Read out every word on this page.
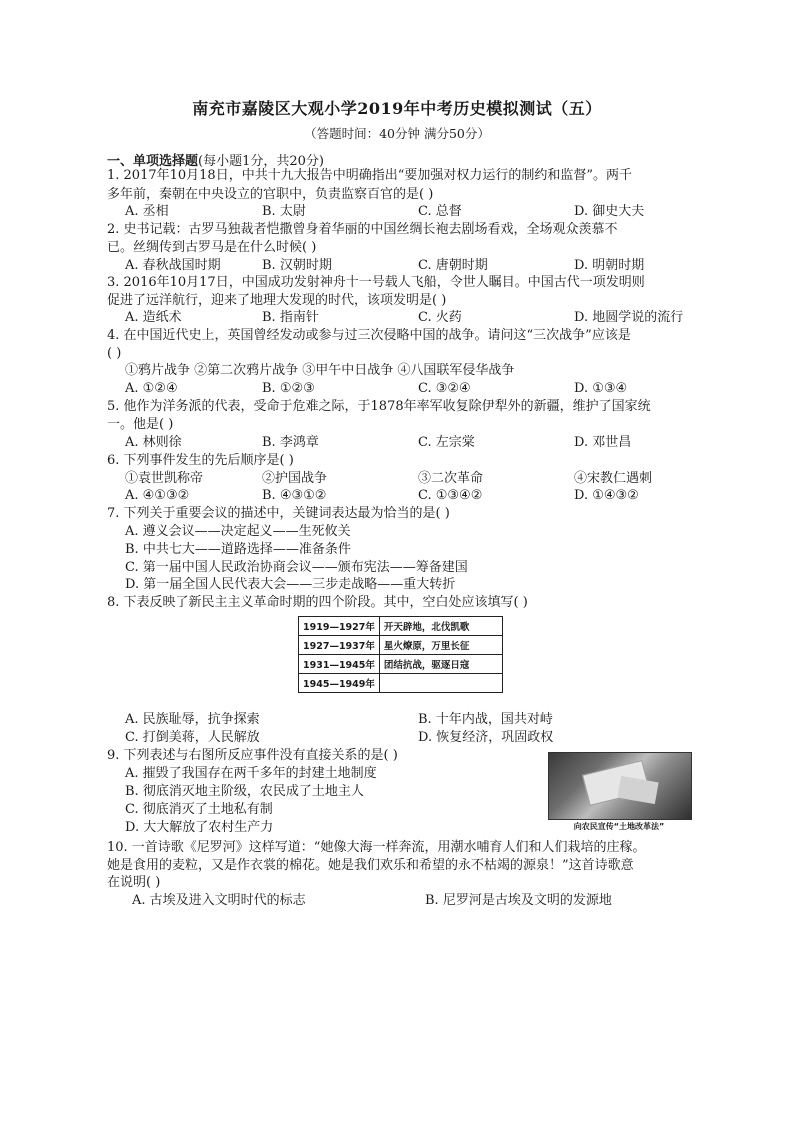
南充市嘉陵区大观小学2019年中考历史模拟测试（五）
（答题时间：40分钟 满分50分）
一、单项选择题(每小题1分，共20分)
1. 2017年10月18日，中共十九大报告中明确指出“要加强对权力运行的制约和监督”。两千
多年前，秦朝在中央设立的官职中，负责监察百官的是( )
A. 丞相	B. 太尉	C. 总督	D. 御史大夫
2. 史书记载：古罗马独裁者恺撒曾身着华丽的中国丝绸长袍去剧场看戏，全场观众羡慕不
已。丝绸传到古罗马是在什么时候( )
A. 春秋战国时期	B. 汉朝时期	C. 唐朝时期	D. 明朝时期
3. 2016年10月17日，中国成功发射神舟十一号载人飞船，令世人瞩目。中国古代一项发明则
促进了远洋航行，迎来了地理大发现的时代，该项发明是( )
A. 造纸术	B. 指南针	C. 火药	D. 地圆学说的流行
4. 在中国近代史上，英国曾经发动或参与过三次侵略中国的战争。请问这“三次战争”应该是
( )
①鸦片战争 ②第二次鸦片战争 ③甲午中日战争 ④八国联军侵华战争
A. ①②④	B. ①②③	C. ③②④	D. ①③④
5. 他作为洋务派的代表，受命于危难之际，于1878年率军收复除伊犁外的新疆，维护了国家统
一。他是( )
A. 林则徐	B. 李鸿章	C. 左宗棠	D. 邓世昌
6. 下列事件发生的先后顺序是( )
①袁世凯称帝	②护国战争	③二次革命	④宋教仁遇刺
A. ④①③②	B. ④③①②	C. ①③④②	D. ①④③②
7. 下列关于重要会议的描述中，关键词表达最为恰当的是( )
A. 遵义会议——决定起义——生死攸关
B. 中共七大——道路选择——准备条件
C. 第一届中国人民政治协商会议——颁布宪法——筹备建国
D. 第一届全国人民代表大会——三步走战略——重大转折
8. 下表反映了新民主主义革命时期的四个阶段。其中，空白处应该填写( )
1919—1927年	开天辟地，北伐凯歌
1927—1937年	星火燎原，万里长征
1931—1945年	团结抗战，驱逐日寇
1945—1949年	
A. 民族耻辱，抗争探索	B. 十年内战，国共对峙
C. 打倒美蒋，人民解放	D. 恢复经济，巩固政权
9. 下列表述与右图所反应事件没有直接关系的是( )
A. 摧毁了我国存在两千多年的封建土地制度
B. 彻底消灭地主阶级，农民成了土地主人
C. 彻底消灭了土地私有制
D. 大大解放了农村生产力	向农民宣传“土地改革法”
10. 一首诗歌《尼罗河》这样写道：“她像大海一样奔流，用潮水哺育人们和人们栽培的庄稼。
她是食用的麦粒，又是作衣裳的棉花。她是我们欢乐和希望的永不枯竭的源泉！”这首诗歌意
在说明( )
A. 古埃及进入文明时代的标志	B. 尼罗河是古埃及文明的发源地
